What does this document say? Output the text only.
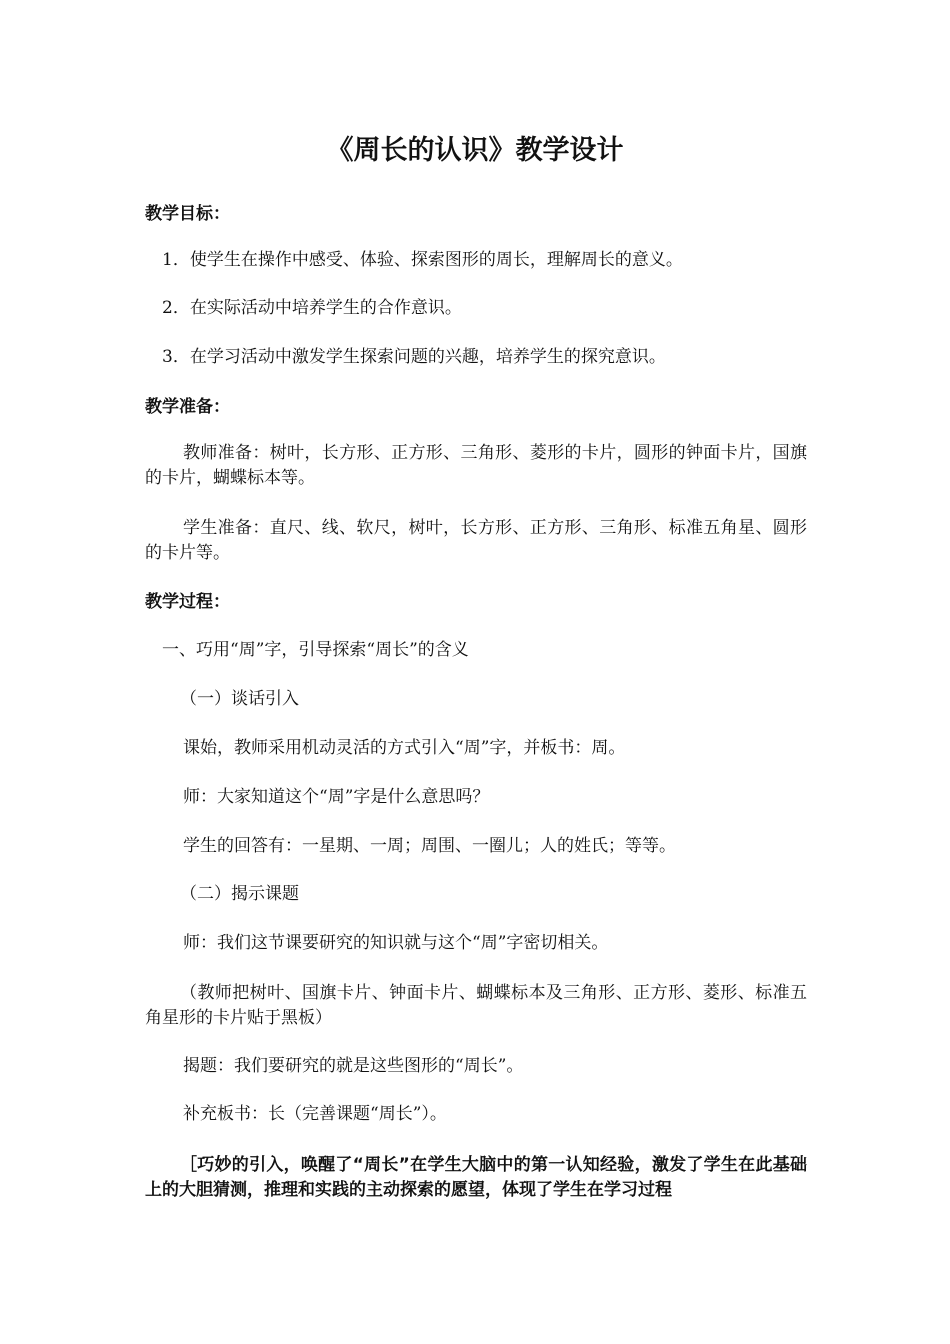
《周长的认识》教学设计

教学目标：

1．使学生在操作中感受、体验、探索图形的周长，理解周长的意义。

2．在实际活动中培养学生的合作意识。

3．在学习活动中激发学生探索问题的兴趣，培养学生的探究意识。

教学准备：

教师准备：树叶，长方形、正方形、三角形、菱形的卡片，圆形的钟面卡片，国旗的卡片，蝴蝶标本等。

学生准备：直尺、线、软尺，树叶，长方形、正方形、三角形、标准五角星、圆形的卡片等。

教学过程：

一、巧用“周”字，引导探索“周长”的含义

（一）谈话引入

课始，教师采用机动灵活的方式引入“周”字，并板书：周。

师：大家知道这个“周”字是什么意思吗？

学生的回答有：一星期、一周；周围、一圈儿；人的姓氏；等等。

（二）揭示课题

师：我们这节课要研究的知识就与这个“周”字密切相关。

（教师把树叶、国旗卡片、钟面卡片、蝴蝶标本及三角形、正方形、菱形、标准五角星形的卡片贴于黑板）

揭题：我们要研究的就是这些图形的“周长”。

补充板书：长（完善课题“周长”）。

［巧妙的引入，唤醒了“周长”在学生大脑中的第一认知经验，激发了学生在此基础上的大胆猜测，推理和实践的主动探索的愿望，体现了学生在学习过程
